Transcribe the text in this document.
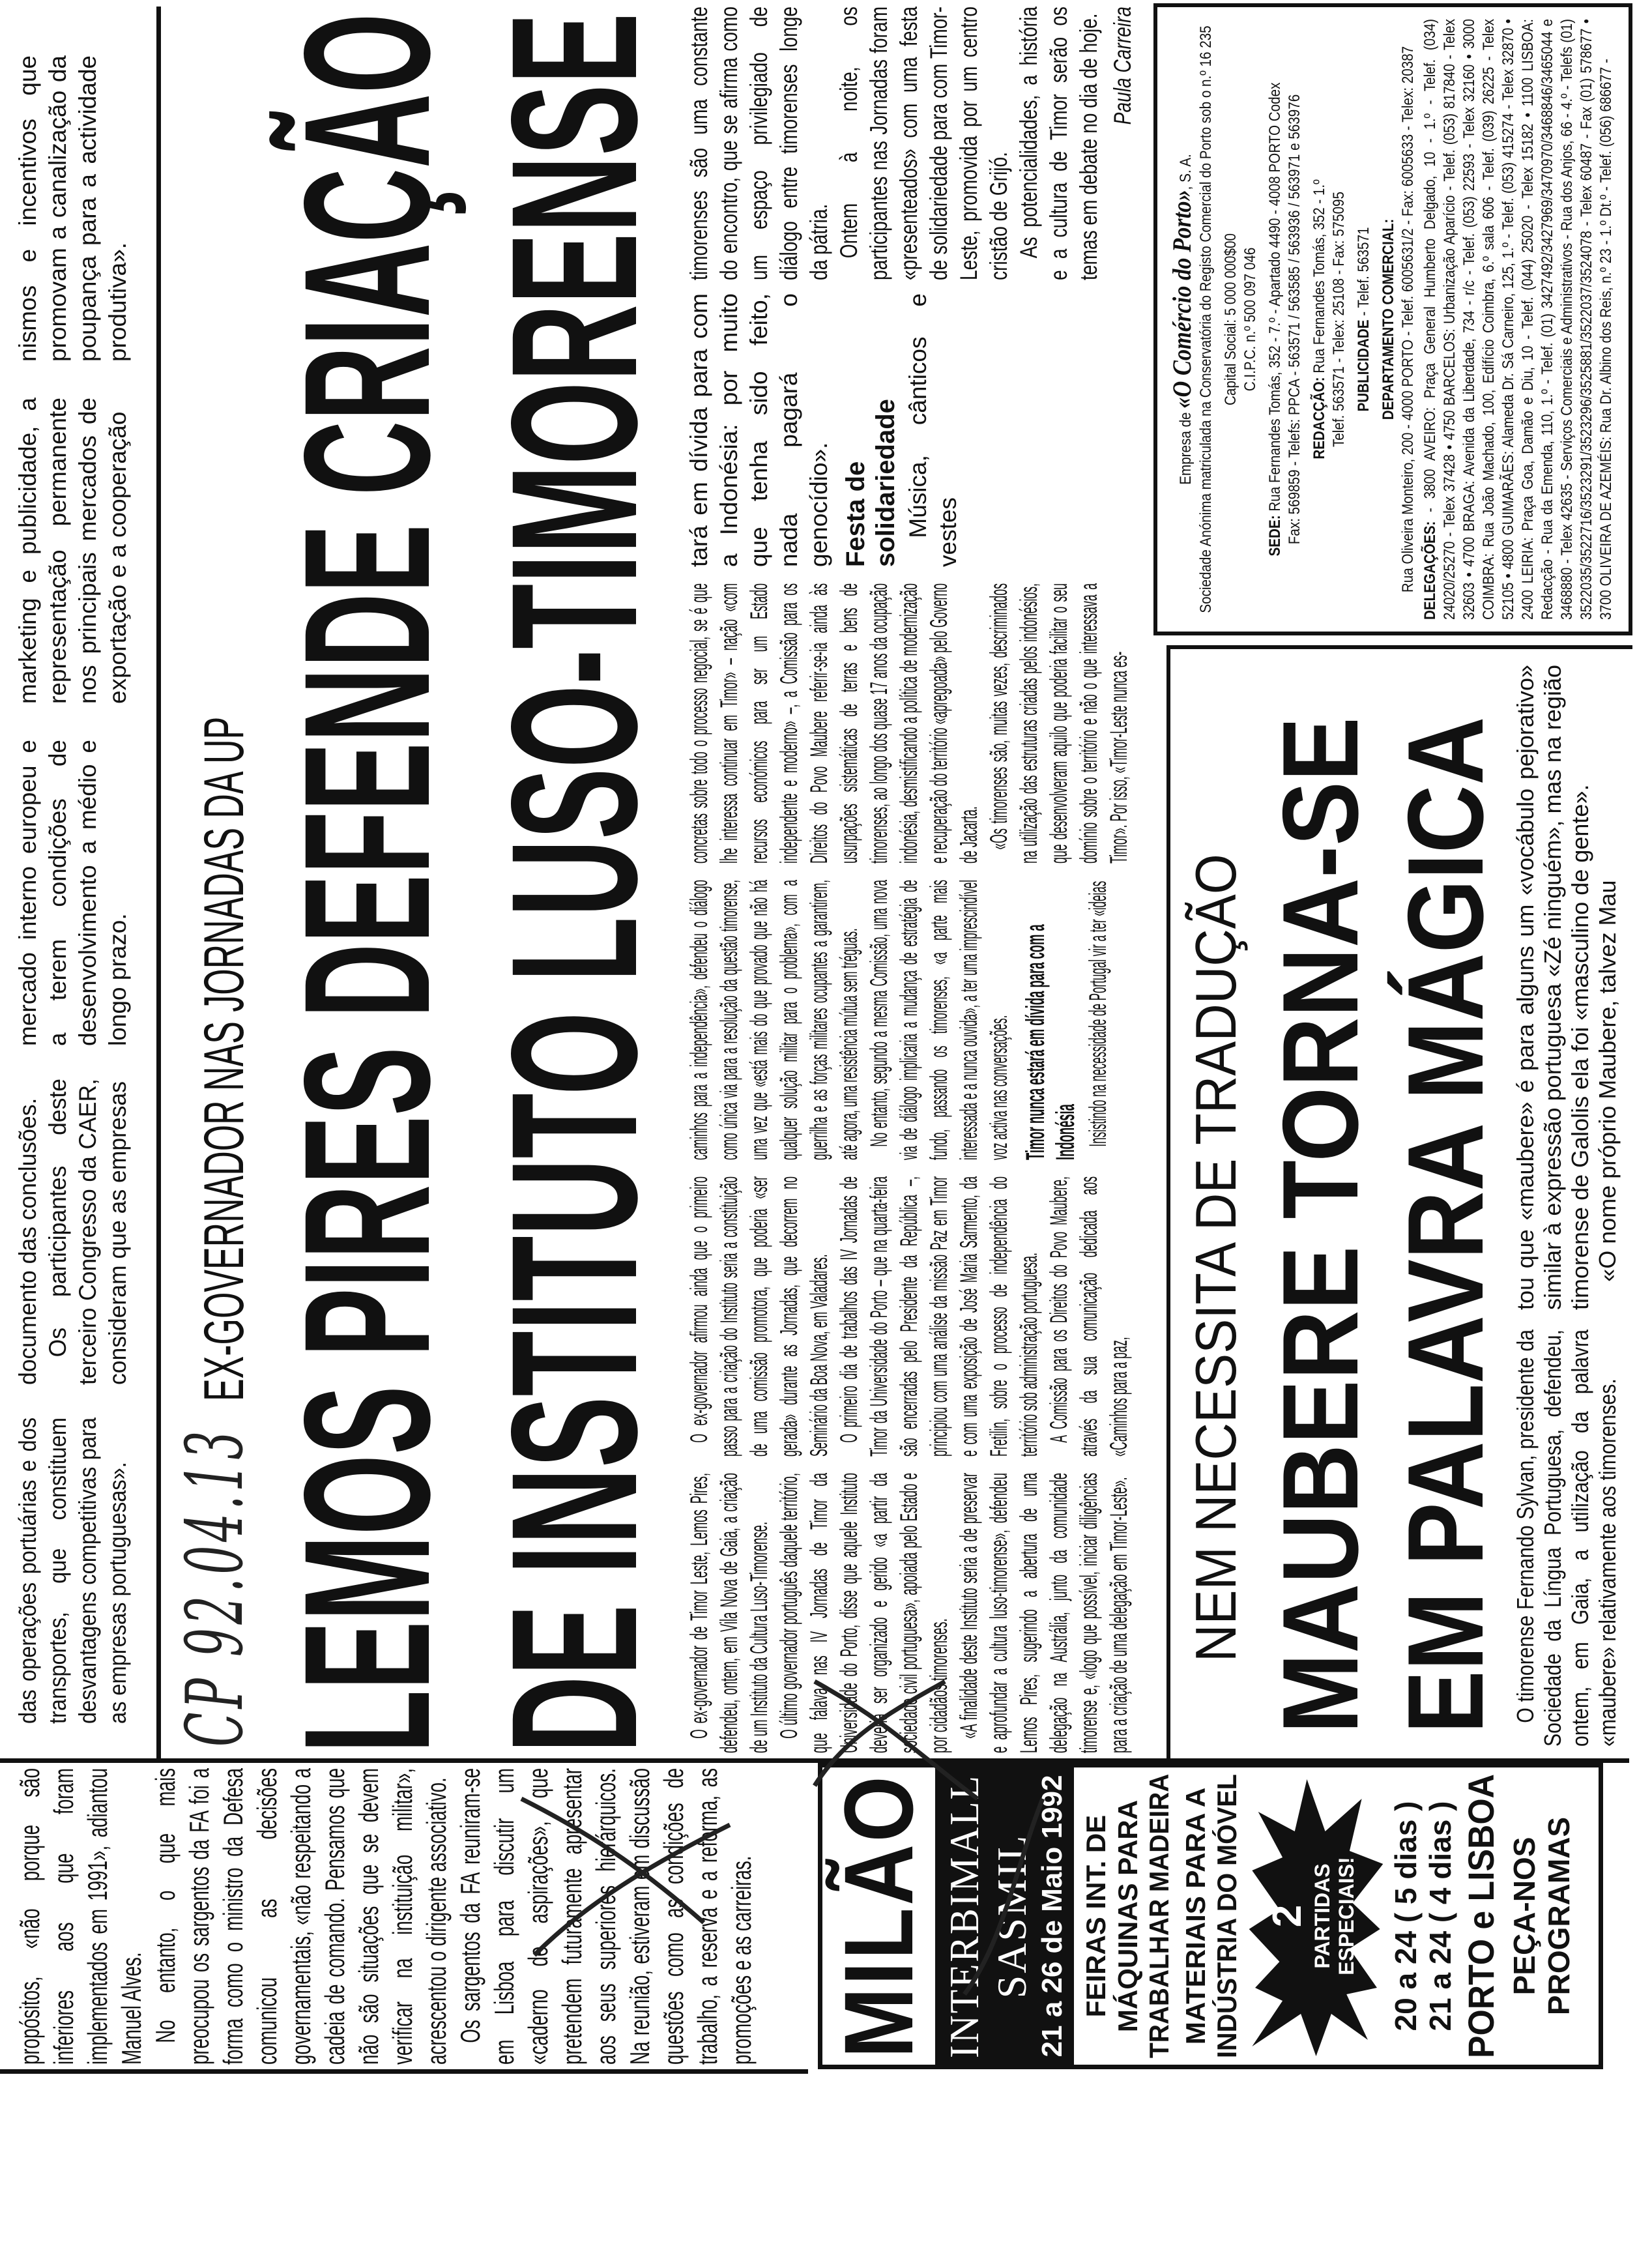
propósitos, «não porque são inferiores aos que foram implementados em 1991», adiantou Manuel Alves. No entanto, o que mais preocupou os sargentos da FA foi a forma como o ministro da Defesa comunicou as decisões governamentais, «não respeitando a cadeia de comando. Pensamos que não são situações que se devem verificar na instituição militar», acrescentou o dirigente associativo. Os sargentos da FA reuniram-se em Lisboa para discutir um «caderno de aspirações», que pretendem futuramente apresentar aos seus superiores hierárquicos. Na reunião, estiveram em discussão questões como as condições de trabalho, a reserva e a reforma, as promoções e as carreiras.

das operações portuárias e dos transportes, que constituem desvantagens competitivas para as empresas portuguesas».

documento das conclusões. Os participantes deste terceiro Congresso da CAER, consideram que as empresas

mercado interno europeu e a terem condições de desenvolvimento a médio e longo prazo.

marketing e publicidade, a representação permanente nos principais mercados de exportação e a cooperação

nismos e incentivos que promovam a canalização da poupança para a actividade produtiva».

CP 92.04.13
EX-GOVERNADOR NAS JORNADAS DA UP LEMOS PIRES DEFENDE CRIAÇÃO DE INSTITUTO LUSO-TIMORENSE O ex-governador de Timor Leste, Lemos Pires, defendeu, ontem, em Vila Nova de Gaia, a criação de um Instituto da Cultura Luso-Timorense. O último governador português daquele território, que falava nas IV Jornadas de Timor da Universidade do Porto, disse que aquele Instituto deveria ser organizado e gerido «a partir da sociedade civil portuguesa», apoiada pelo Estado e por cidadãos timorenses. «A finalidade deste Instituto seria a de preservar e aprofundar a cultura luso-timorense», defendeu Lemos Pires, sugerindo a abertura de uma delegação na Austrália, junto da comunidade timorense e, «logo que possível, iniciar diligências para a criação de uma delegação em Timor-Leste».

O ex-governador afirmou ainda que o primeiro passo para a criação do Instituto seria a constituição de uma comissão promotora, que poderia «ser gerada» durante as Jornadas, que decorrem no Seminário da Boa Nova, em Valadares. O primeiro dia de trabalhos das IV Jornadas de Timor da Universidade do Porto – que na quarta-feira são encerradas pelo Presidente da República –, principiou com uma análise da missão Paz em Timor e com uma exposição de José Maria Sarmento, da Fretilin, sobre o processo de independência do território sob administração portuguesa. A Comissão para os Direitos do Povo Maubere, através da sua comunicação dedicada aos «Caminhos para a paz,

caminhos para a independência», defendeu o diálogo como única via para a resolução da questão timorense, uma vez que «está mais do que provado que não há qualquer solução militar para o problema», com a guerrilha e as forças militares ocupantes a garantirem, até agora, uma resistência mútua sem tréguas. No entanto, segundo a mesma Comissão, uma nova via de diálogo implicaria a mudança de estratégia de fundo, passando os timorenses, «a parte mais interessada e a nunca ouvida», a ter uma imprescindível voz activa nas conversações. Timor nunca estará em dívida para com a Indonésia Insistindo na necessidade de Portugal vir a ter «ideias

concretas sobre todo o processo negocial, se é que lhe interessa continuar em Timor» – nação «com recursos económicos para ser um Estado independente e moderno» –, a Comissão para os Direitos do Povo Maubere referir-se-ia ainda às usurpações sistemáticas de terras e bens de timorenses, ao longo dos quase 17 anos da ocupação indonésia, desmistificando a política de modernização e recuperação do território «apregoada» pelo Governo de Jacarta. «Os timorenses são, muitas vezes, descriminados na utilização das estruturas criadas pelos indonésios, que desenvolveram aquilo que poderia facilitar o seu domínio sobre o território e não o que interessava a Timor». Por isso, «Timor-Leste nunca es-

tará em dívida para com a Indonésia: por muito que tenha sido feito, nada pagará o genocídio». Festa de solidariedade Música, cânticos e vestes

timorenses são uma constante do encontro, que se afirma como um espaço privilegiado de diálogo entre timorenses longe da pátria. Ontem à noite, os participantes nas Jornadas foram «presenteados» com uma festa de solidariedade para com Timor-Leste, promovida por um centro cristão de Grijó. As potencialidades, a história e a cultura de Timor serão os temas em debate no dia de hoje. Paula Carreira
NEM NECESSITA DE TRADUÇÃO MAUBERE TORNA-SE EM PALAVRA MÁGICA O timorense Fernando Sylvan, presidente da Sociedade da Língua Portuguesa, defendeu, ontem, em Gaia, a utilização da palavra «maubere» relativamente aos timorenses.

tou que «maubere» é para alguns um «vocábulo pejorativo» similar à expressão portuguesa «Zé ninguém», mas na região timorense de Galolis ela foi «masculino de gente». «O nome próprio Maubere, talvez Mau

Empresa de «O Comércio do Porto», S. A. Sociedade Anónima matriculada na Conservatória do Registo Comercial do Porto sob o n.º 16 235 Capital Social: 5 000 000$00 C.I.P.C. n.º 500 097 046
SEDE: Rua Fernandes Tomás, 352 - 7.º - Apartado 4490 - 4008 PORTO Codex Fax: 569859 - Telefs: PPCA - 563571 / 563585 / 563936 / 563971 e 563976 REDACÇÃO: Rua Fernandes Tomás, 352 - 1.º Telef. 563571 - Telex: 25108 - Fax: 575095 PUBLICIDADE - Telef. 563571 DEPARTAMENTO COMERCIAL: Rua Oliveira Monteiro, 200 - 4000 PORTO - Telef. 6005631/2 - Fax: 6005633 - Telex: 20387 DELEGAÇÕES: - 3800 AVEIRO: Praça General Humberto Delgado, 10 - 1.º - Telef. (034) 24020/25270 - Telex 37428 • 4750 BARCELOS: Urbanização Aparício - Telef. (053) 817840 - Telex 32603 • 4700 BRAGA: Avenida da Liberdade, 734 - r/c - Telef. (053) 22593 - Telex 32160 • 3000 COIMBRA: Rua João Machado, 100, Edifício Coimbra, 6.º sala 606 - Telef. (039) 26225 - Telex 52105 • 4800 GUIMARÃES: Alameda Dr. Sá Carneiro, 125, 1.º - Telef. (053) 415274 - Telex 32870 • 2400 LEIRIA: Praça Goa, Damão e Diu, 10 - Telef. (044) 25020 - Telex 15182 • 1100 LISBOA: Redacção - Rua da Emenda, 110, 1.º - Telef. (01) 3427492/3427969/3470970/3468846/3465044 e 3468880 - Telex 42635 - Serviços Comerciais e Administrativos - Rua dos Anjos, 66 - 4.º - Telefs (01) 3522035/3522716/3523291/3523296/3525881/3522037/3524078 - Telex 60487 - Fax (01) 578677 • 3700 OLIVEIRA DE AZEMÉIS: Rua Dr. Albino dos Reis, n.º 23 - 1.º Dt.º - Telef. (056) 686677 -
MILÃO INTERBIMALL SASMIL 21 a 26 de Maio 1992 FEIRAS INT. DE MÁQUINAS PARA TRABALHAR MADEIRA MATERIAIS PARA A INDÚSTRIA DO MÓVEL 2 PARTIDAS ESPECIAIS! 20 a 24 ( 5 dias ) 21 a 24 ( 4 dias ) PORTO e LISBOA PEÇA-NOS PROGRAMAS
